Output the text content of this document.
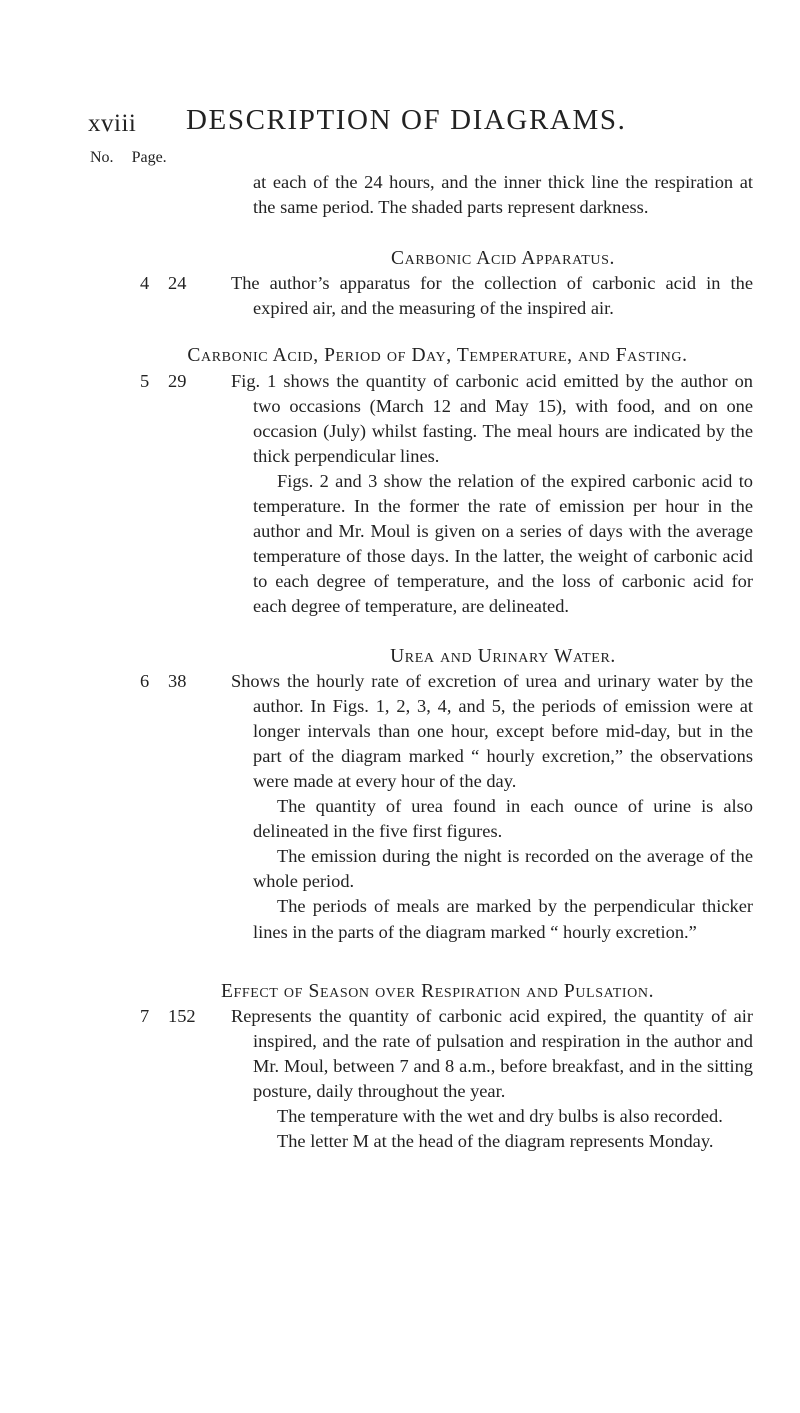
xviii DESCRIPTION OF DIAGRAMS.
No. Page.
at each of the 24 hours, and the inner thick line the respiration at the same period. The shaded parts represent darkness.
Carbonic Acid Apparatus.
4 24 The author’s apparatus for the collection of carbonic acid in the expired air, and the measuring of the inspired air.
Carbonic Acid, Period of Day, Temperature, and Fasting.
5 29 Fig. 1 shows the quantity of carbonic acid emitted by the author on two occasions (March 12 and May 15), with food, and on one occasion (July) whilst fasting. The meal hours are indicated by the thick perpendicular lines.
Figs. 2 and 3 show the relation of the expired carbonic acid to temperature. In the former the rate of emission per hour in the author and Mr. Moul is given on a series of days with the average temperature of those days. In the latter, the weight of carbonic acid to each degree of temperature, and the loss of carbonic acid for each degree of temperature, are delineated.
Urea and Urinary Water.
6 38 Shows the hourly rate of excretion of urea and urinary water by the author. In Figs. 1, 2, 3, 4, and 5, the periods of emission were at longer intervals than one hour, except before mid-day, but in the part of the diagram marked “ hourly excretion,” the observations were made at every hour of the day.
The quantity of urea found in each ounce of urine is also delineated in the five first figures.
The emission during the night is recorded on the average of the whole period.
The periods of meals are marked by the perpendicular thicker lines in the parts of the diagram marked “ hourly excretion.”
Effect of Season over Respiration and Pulsation.
7 152 Represents the quantity of carbonic acid expired, the quantity of air inspired, and the rate of pulsation and respiration in the author and Mr. Moul, between 7 and 8 a.m., before breakfast, and in the sitting posture, daily throughout the year.
The temperature with the wet and dry bulbs is also recorded.
The letter M at the head of the diagram represents Monday.
